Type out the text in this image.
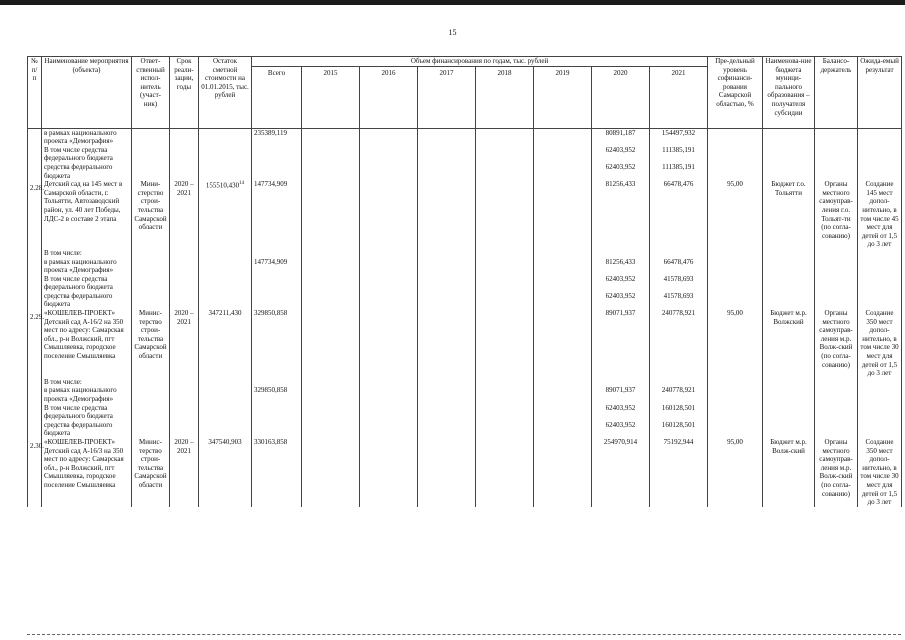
15
№ п/п	Наименование мероприятия (объекта)	Ответ-ственный испол-нитель (участ-ник)	Срок реали-зации, годы	Остаток сметной стоимости на 01.01.2015, тыс. рублей	Объем финансирования по годам, тыс. рублей								Пре-дельный уровень софинанси-рования Самарской областью, %	Наименова-ние бюджета муници-пального образования – получателя субсидии	Балансо-держатель	Ожида-емый результат
					Всего	2015	2016	2017	2018	2019	2020	2021				
	в рамках национального проекта «Демография»				235389,119						80891,187	154497,932				
	В том числе средства федерального бюджета										62403,952	111385,191				
	средства федерального бюджета										62403,952	111385,191				
2.28.	Детский сад на 145 мест в Самарской области, г. Тольятти, Автозаводский район, ул. 40 лет Победы, ЛДС-2 в составе 2 этапа	Мини-стерство строи-тельства Самарской области	2020 – 2021	155510,430$^{14}$	147734,909						81256,433	66478,476	95,00	Бюджет г.о. Тольятти	Органы местного самоуправ-ления г.о. Тольят-ти (по согла-сованию)	Создание 145 мест допол-нительно, в том числе 45 мест для детей от 1,5 до 3 лет
	В том числе:															
	в рамках национального проекта «Демография»				147734,909						81256,433	66478,476				
	В том числе средства федерального бюджета										62403,952	41578,693				
	средства федерального бюджета										62403,952	41578,693				
2.29.	«КОШЕЛЕВ-ПРОЕКТ» Детский сад А-16/2 на 350 мест по адресу: Самарская обл., р-н Волжский, пгт Смышляевка, городское поселение Смышляевка	Минис-терство строи-тельства Самарской области	2020 – 2021	347211,430	329850,858						89071,937	240778,921	95,00	Бюджет м.р. Волжский	Органы местного самоуправ-ления м.р. Волж-ский (по согла-сованию)	Создание 350 мест допол-нительно, в том числе 30 мест для детей от 1,5 до 3 лет
	В том числе:															
	в рамках национального проекта «Демография»				329850,858						89071,937	240778,921				
	В том числе средства федерального бюджета										62403,952	160128,501				
	средства федерального бюджета										62403,952	160128,501				
2.30.	«КОШЕЛЕВ-ПРОЕКТ» Детский сад А-16/3 на 350 мест по адресу: Самарская обл., р-н Волжский, пгт Смышляевка, городское поселение Смышляевка	Минис-терство строи-тельства Самарской области	2020 – 2021	347540,903	330163,858						254970,914	75192,944	95,00	Бюджет м.р. Волж-ский	Органы местного самоуправ-ления м.р. Волж-ский (по согла-сованию)	Создание 350 мест допол-нительно, в том числе 30 мест для детей от 1,5 до 3 лет
